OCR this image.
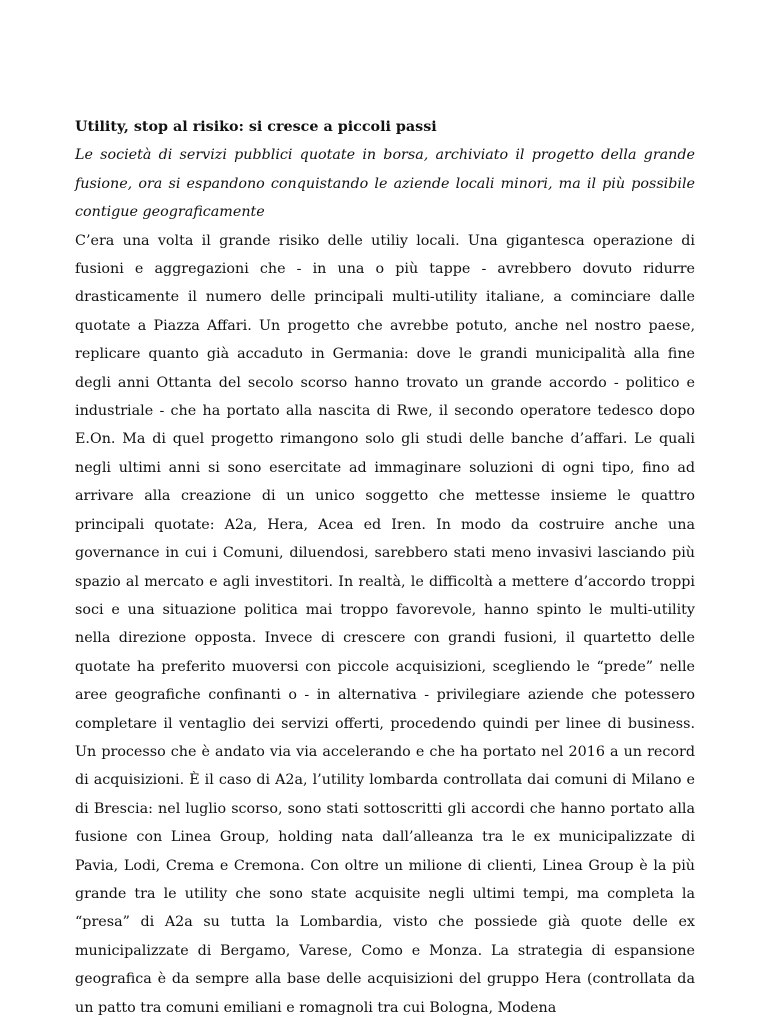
Utility, stop al risiko: si cresce a piccoli passi

Le società di servizi pubblici quotate in borsa, archiviato il progetto della grande fusione, ora si espandono conquistando le aziende locali minori, ma il più possibile contigue geograficamente

C’era una volta il grande risiko delle utiliy locali. Una gigantesca operazione di fusioni e aggregazioni che - in una o più tappe - avrebbero dovuto ridurre drasticamente il numero delle principali multi-utility italiane, a cominciare dalle quotate a Piazza Affari. Un progetto che avrebbe potuto, anche nel nostro paese, replicare quanto già accaduto in Germania: dove le grandi municipalità alla fine degli anni Ottanta del secolo scorso hanno trovato un grande accordo - politico e industriale - che ha portato alla nascita di Rwe, il secondo operatore tedesco dopo E.On. Ma di quel progetto rimangono solo gli studi delle banche d’affari. Le quali negli ultimi anni si sono esercitate ad immaginare soluzioni di ogni tipo, fino ad arrivare alla creazione di un unico soggetto che mettesse insieme le quattro principali quotate: A2a, Hera, Acea ed Iren. In modo da costruire anche una governance in cui i Comuni, diluendosi, sarebbero stati meno invasivi lasciando più spazio al mercato e agli investitori. In realtà, le difficoltà a mettere d’accordo troppi soci e una situazione politica mai troppo favorevole, hanno spinto le multi-utility nella direzione opposta. Invece di crescere con grandi fusioni, il quartetto delle quotate ha preferito muoversi con piccole acquisizioni, scegliendo le “prede” nelle aree geografiche confinanti o - in alternativa - privilegiare aziende che potessero completare il ventaglio dei servizi offerti, procedendo quindi per linee di business. Un processo che è andato via via accelerando e che ha portato nel 2016 a un record di acquisizioni. È il caso di A2a, l’utility lombarda controllata dai comuni di Milano e di Brescia: nel luglio scorso, sono stati sottoscritti gli accordi che hanno portato alla fusione con Linea Group, holding nata dall’alleanza tra le ex municipalizzate di Pavia, Lodi, Crema e Cremona. Con oltre un milione di clienti, Linea Group è la più grande tra le utility che sono state acquisite negli ultimi tempi, ma completa la “presa” di A2a su tutta la Lombardia, visto che possiede già quote delle ex municipalizzate di Bergamo, Varese, Como e Monza. La strategia di espansione geografica è da sempre alla base delle acquisizioni del gruppo Hera (controllata da un patto tra comuni emiliani e romagnoli tra cui Bologna, Modena
